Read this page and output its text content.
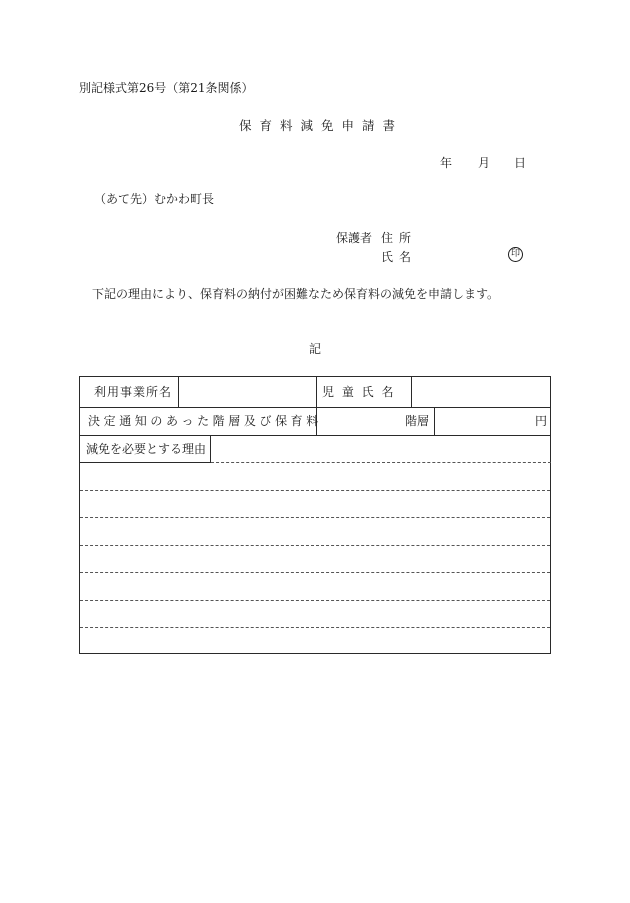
別記様式第26号（第21条関係）
保育料減免申請書
年 月 日
（あて先）むかわ町長
保護者 住所
氏名	印
下記の理由により、保育料の納付が困難なため保育料の減免を申請します。
記
利用事業所名	児 童 氏 名
決定通知のあった階層及び保育料	階層	円
減免を必要とする理由
